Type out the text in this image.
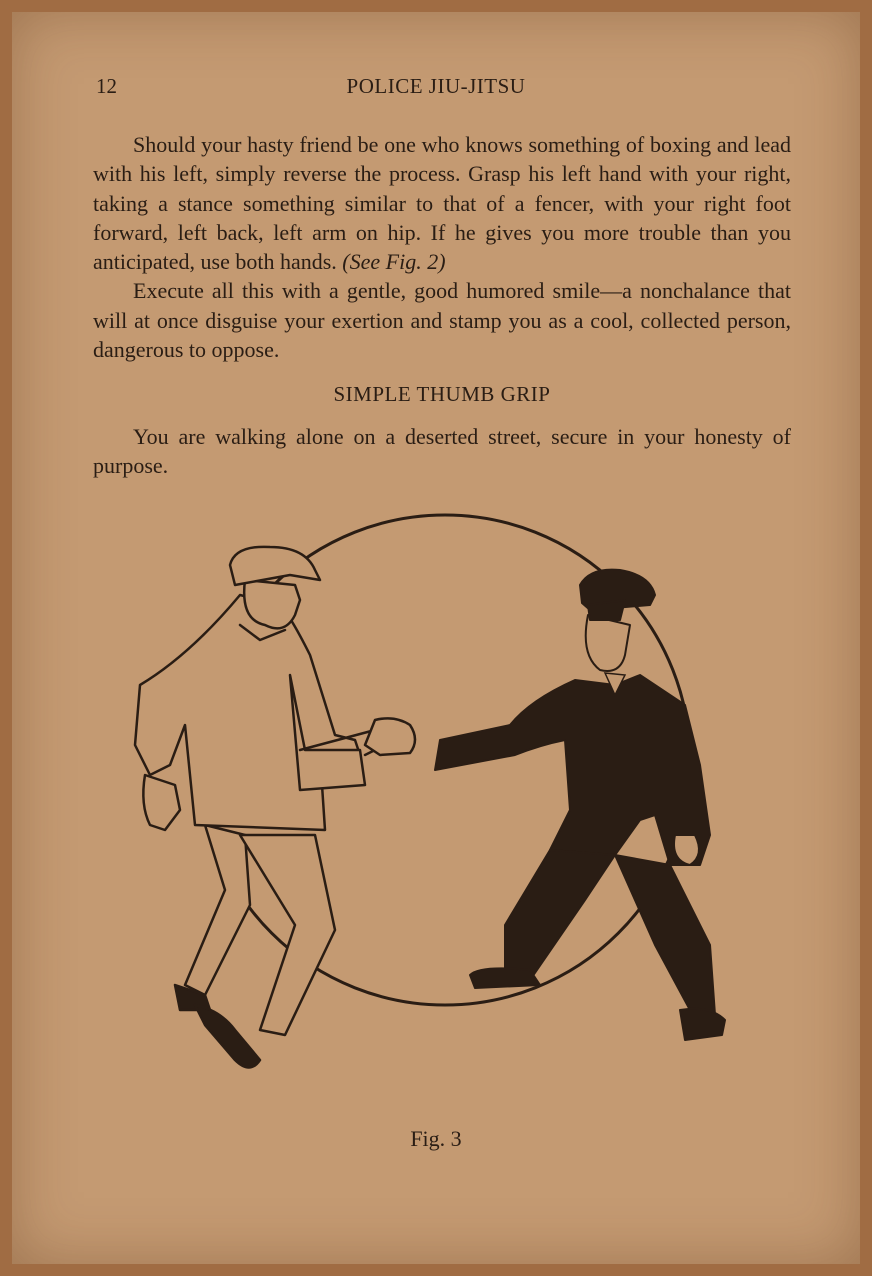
12	POLICE JIU-JITSU

Should your hasty friend be one who knows something of boxing and lead with his left, simply reverse the process. Grasp his left hand with your right, taking a stance something similar to that of a fencer, with your right foot forward, left back, left arm on hip. If he gives you more trouble than you anticipated, use both hands. (See Fig. 2)

Execute all this with a gentle, good humored smile—a nonchalance that will at once disguise your exertion and stamp you as a cool, collected person, dangerous to oppose.

SIMPLE THUMB GRIP

You are walking alone on a deserted street, secure in your honesty of purpose.

Fig. 3
